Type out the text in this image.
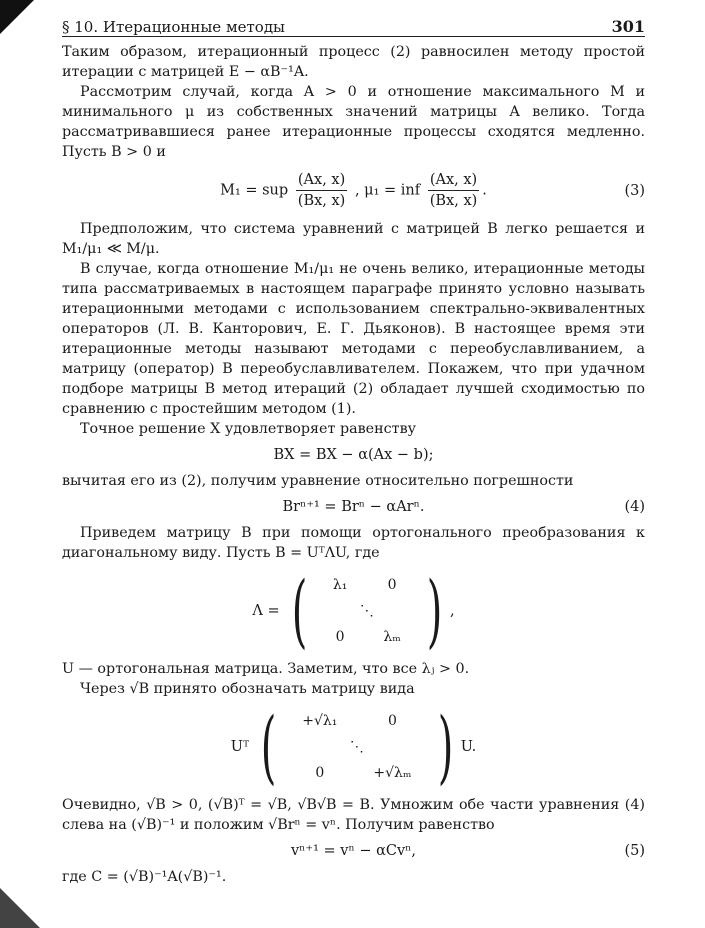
§ 10. Итерационные методы	301

Таким образом, итерационный процесс (2) равносилен методу простой итерации с матрицей E − αB⁻¹A.

Рассмотрим случай, когда A > 0 и отношение максимального M и минимального μ из собственных значений матрицы A велико. Тогда рассматривавшиеся ранее итерационные процессы сходятся медленно. Пусть B > 0 и

M₁ = sup $\frac{(Ax, x)}{(Bx, x)}$ , μ₁ = inf $\frac{(Ax, x)}{(Bx, x)}$ .	(3)

Предположим, что система уравнений с матрицей B легко решается и M₁/μ₁ ≪ M/μ.

В случае, когда отношение M₁/μ₁ не очень велико, итерационные методы типа рассматриваемых в настоящем параграфе принято условно называть итерационными методами с использованием спектрально-эквивалентных операторов (Л. В. Канторович, Е. Г. Дьяконов). В настоящее время эти итерационные методы называют методами с переобуславливанием, а матрицу (оператор) B переобуславливателем. Покажем, что при удачном подборе матрицы B метод итераций (2) обладает лучшей сходимостью по сравнению с простейшим методом (1).

Точное решение X удовлетворяет равенству

BX = BX − α(Ax − b);

вычитая его из (2), получим уравнение относительно погрешности

Brⁿ⁺¹ = Brⁿ − αArⁿ.	(4)

Приведем матрицу B при помощи ортогонального преобразования к диагональному виду. Пусть B = UᵀΛU, где

Λ = ( λ₁	0
⋱	
0	λₘ ) ,

U — ортогональная матрица. Заметим, что все λⱼ > 0.

Через √B принято обозначать матрицу вида

Uᵀ ( +√λ₁	0
⋱	
0	+√λₘ ) U.

Очевидно, √B > 0, (√B)ᵀ = √B, √B√B = B. Умножим обе части уравнения (4) слева на (√B)⁻¹ и положим √Brⁿ = vⁿ. Получим равенство

vⁿ⁺¹ = vⁿ − αCvⁿ,	(5)

где C = (√B)⁻¹A(√B)⁻¹.
